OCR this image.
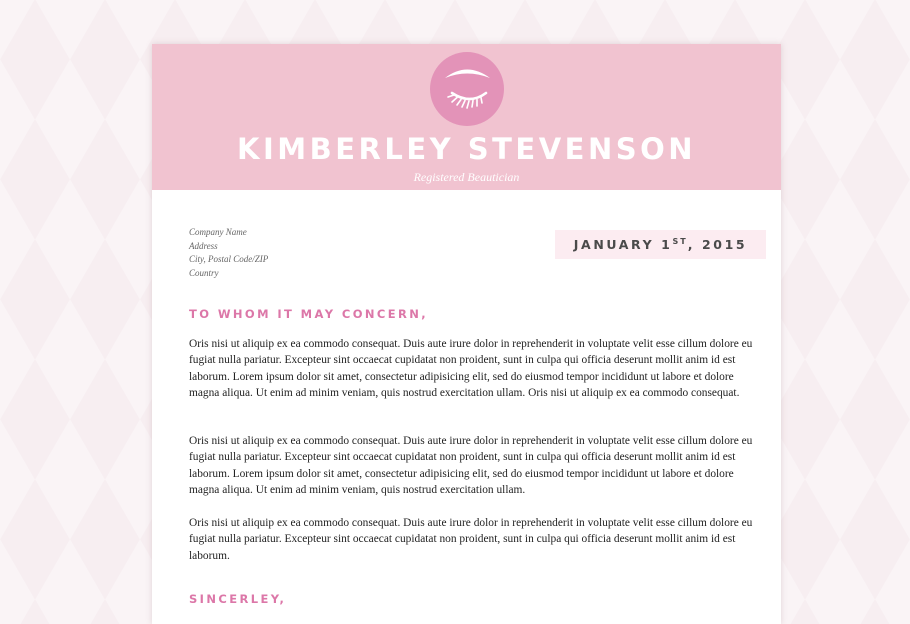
KIMBERLEY STEVENSON
Registered Beautician
Company Name
Address
City, Postal Code/ZIP
Country
JANUARY 1ST, 2015
TO WHOM IT MAY CONCERN,
Oris nisi ut aliquip ex ea commodo consequat. Duis aute irure dolor in reprehenderit in voluptate velit esse cillum dolore eu fugiat nulla pariatur. Excepteur sint occaecat cupidatat non proident, sunt in culpa qui officia deserunt mollit anim id est laborum. Lorem ipsum dolor sit amet, consectetur adipisicing elit, sed do eiusmod tempor incididunt ut labore et dolore magna aliqua. Ut enim ad minim veniam, quis nostrud exercitation ullam. Oris nisi ut aliquip ex ea commodo consequat.
Oris nisi ut aliquip ex ea commodo consequat. Duis aute irure dolor in reprehenderit in voluptate velit esse cillum dolore eu fugiat nulla pariatur. Excepteur sint occaecat cupidatat non proident, sunt in culpa qui officia deserunt mollit anim id est laborum. Lorem ipsum dolor sit amet, consectetur adipisicing elit, sed do eiusmod tempor incididunt ut labore et dolore magna aliqua. Ut enim ad minim veniam, quis nostrud exercitation ullam.
Oris nisi ut aliquip ex ea commodo consequat. Duis aute irure dolor in reprehenderit in voluptate velit esse cillum dolore eu fugiat nulla pariatur. Excepteur sint occaecat cupidatat non proident, sunt in culpa qui officia deserunt mollit anim id est laborum.
SINCERLEY,
